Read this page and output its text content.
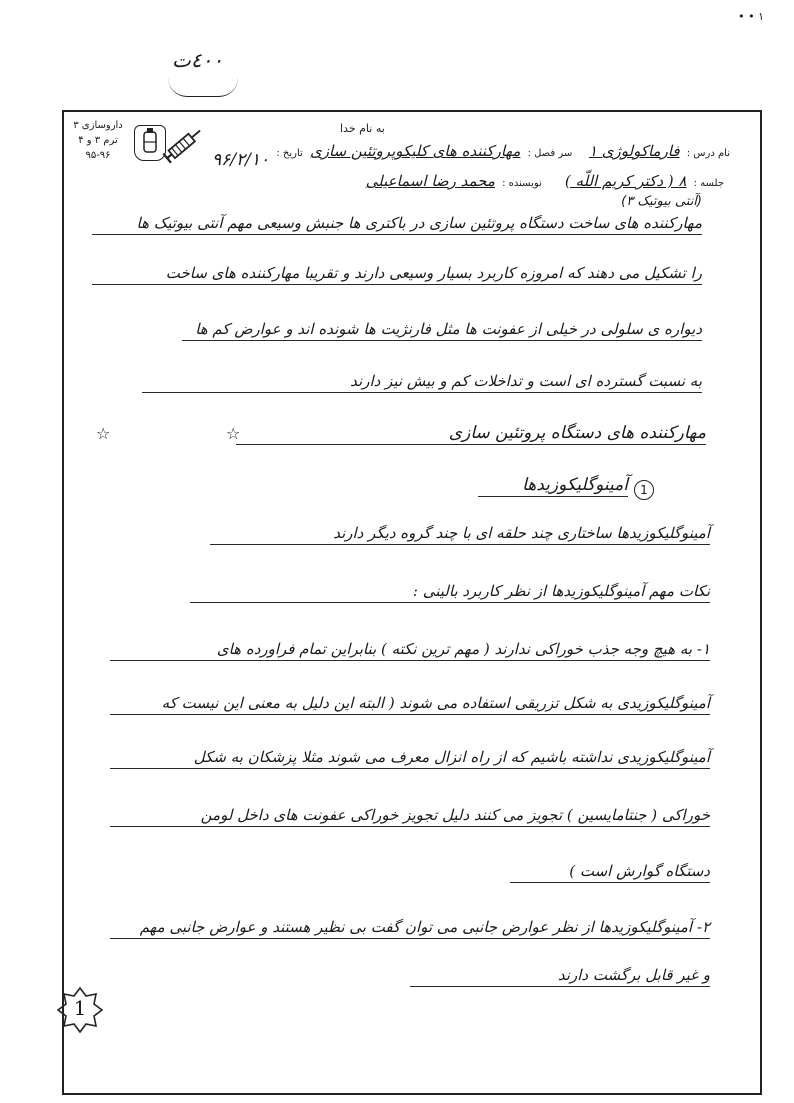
• • ١
٤٠٠ت
داروسازی ۳
ترم ۳ و ۴
۹۵-۹۶
به نام خدا
نام درس : فارماکولوژی ۱    سر فصل : مهارکننده های کلیکوپروتئین سازی تاریخ :
۹۶/۲/۱۰
جلسه : ۸ ( دکتر کریم اللّه )      نویسنده : محمد رضا اسماعیلی
(آنتی بیوتیک ۳)
مهارکننده های ساخت دستگاه پروتئین سازی در باکتری ها جنبش وسیعی مهم آنتی بیوتیک ها
را تشکیل می دهند که امروزه کاربرد بسیار وسیعی دارند و تقریبا مهارکننده های ساخت
دیواره ی سلولی در خیلی از عفونت ها مثل فارنژیت ها شونده اند و عوارض کم ها
به نسبت گسترده ای است و تداخلات کم و بیش نیز دارند
☆	مهارکننده های دستگاه پروتئین سازی
☆
1
آمینوگلیکوزیدها
آمینوگلیکوزیدها ساختاری چند حلقه ای با چند گروه دیگر دارند
نکات مهم آمینوگلیکوزیدها از نظر کاربرد بالینی :
۱- به هیچ وجه جذب خوراکی ندارند ( مهم ترین نکته ) بنابراین تمام فراورده های
آمینوگلیکوزیدی به شکل تزریقی استفاده می شوند ( البته این دلیل به معنی این نیست که
آمینوگلیکوزیدی نداشته باشیم که از راه انزال معرف می شوند مثلا پزشکان به شکل
خوراکی ( جنتامایسین ) تجویز می کنند دلیل تجویز خوراکی عفونت های داخل لومن
دستگاه گوارش است )
۲- آمینوگلیکوزیدها از نظر عوارض جانبی می توان گفت بی نظیر هستند و عوارض جانبی مهم
و غیر قابل برگشت دارند
1
